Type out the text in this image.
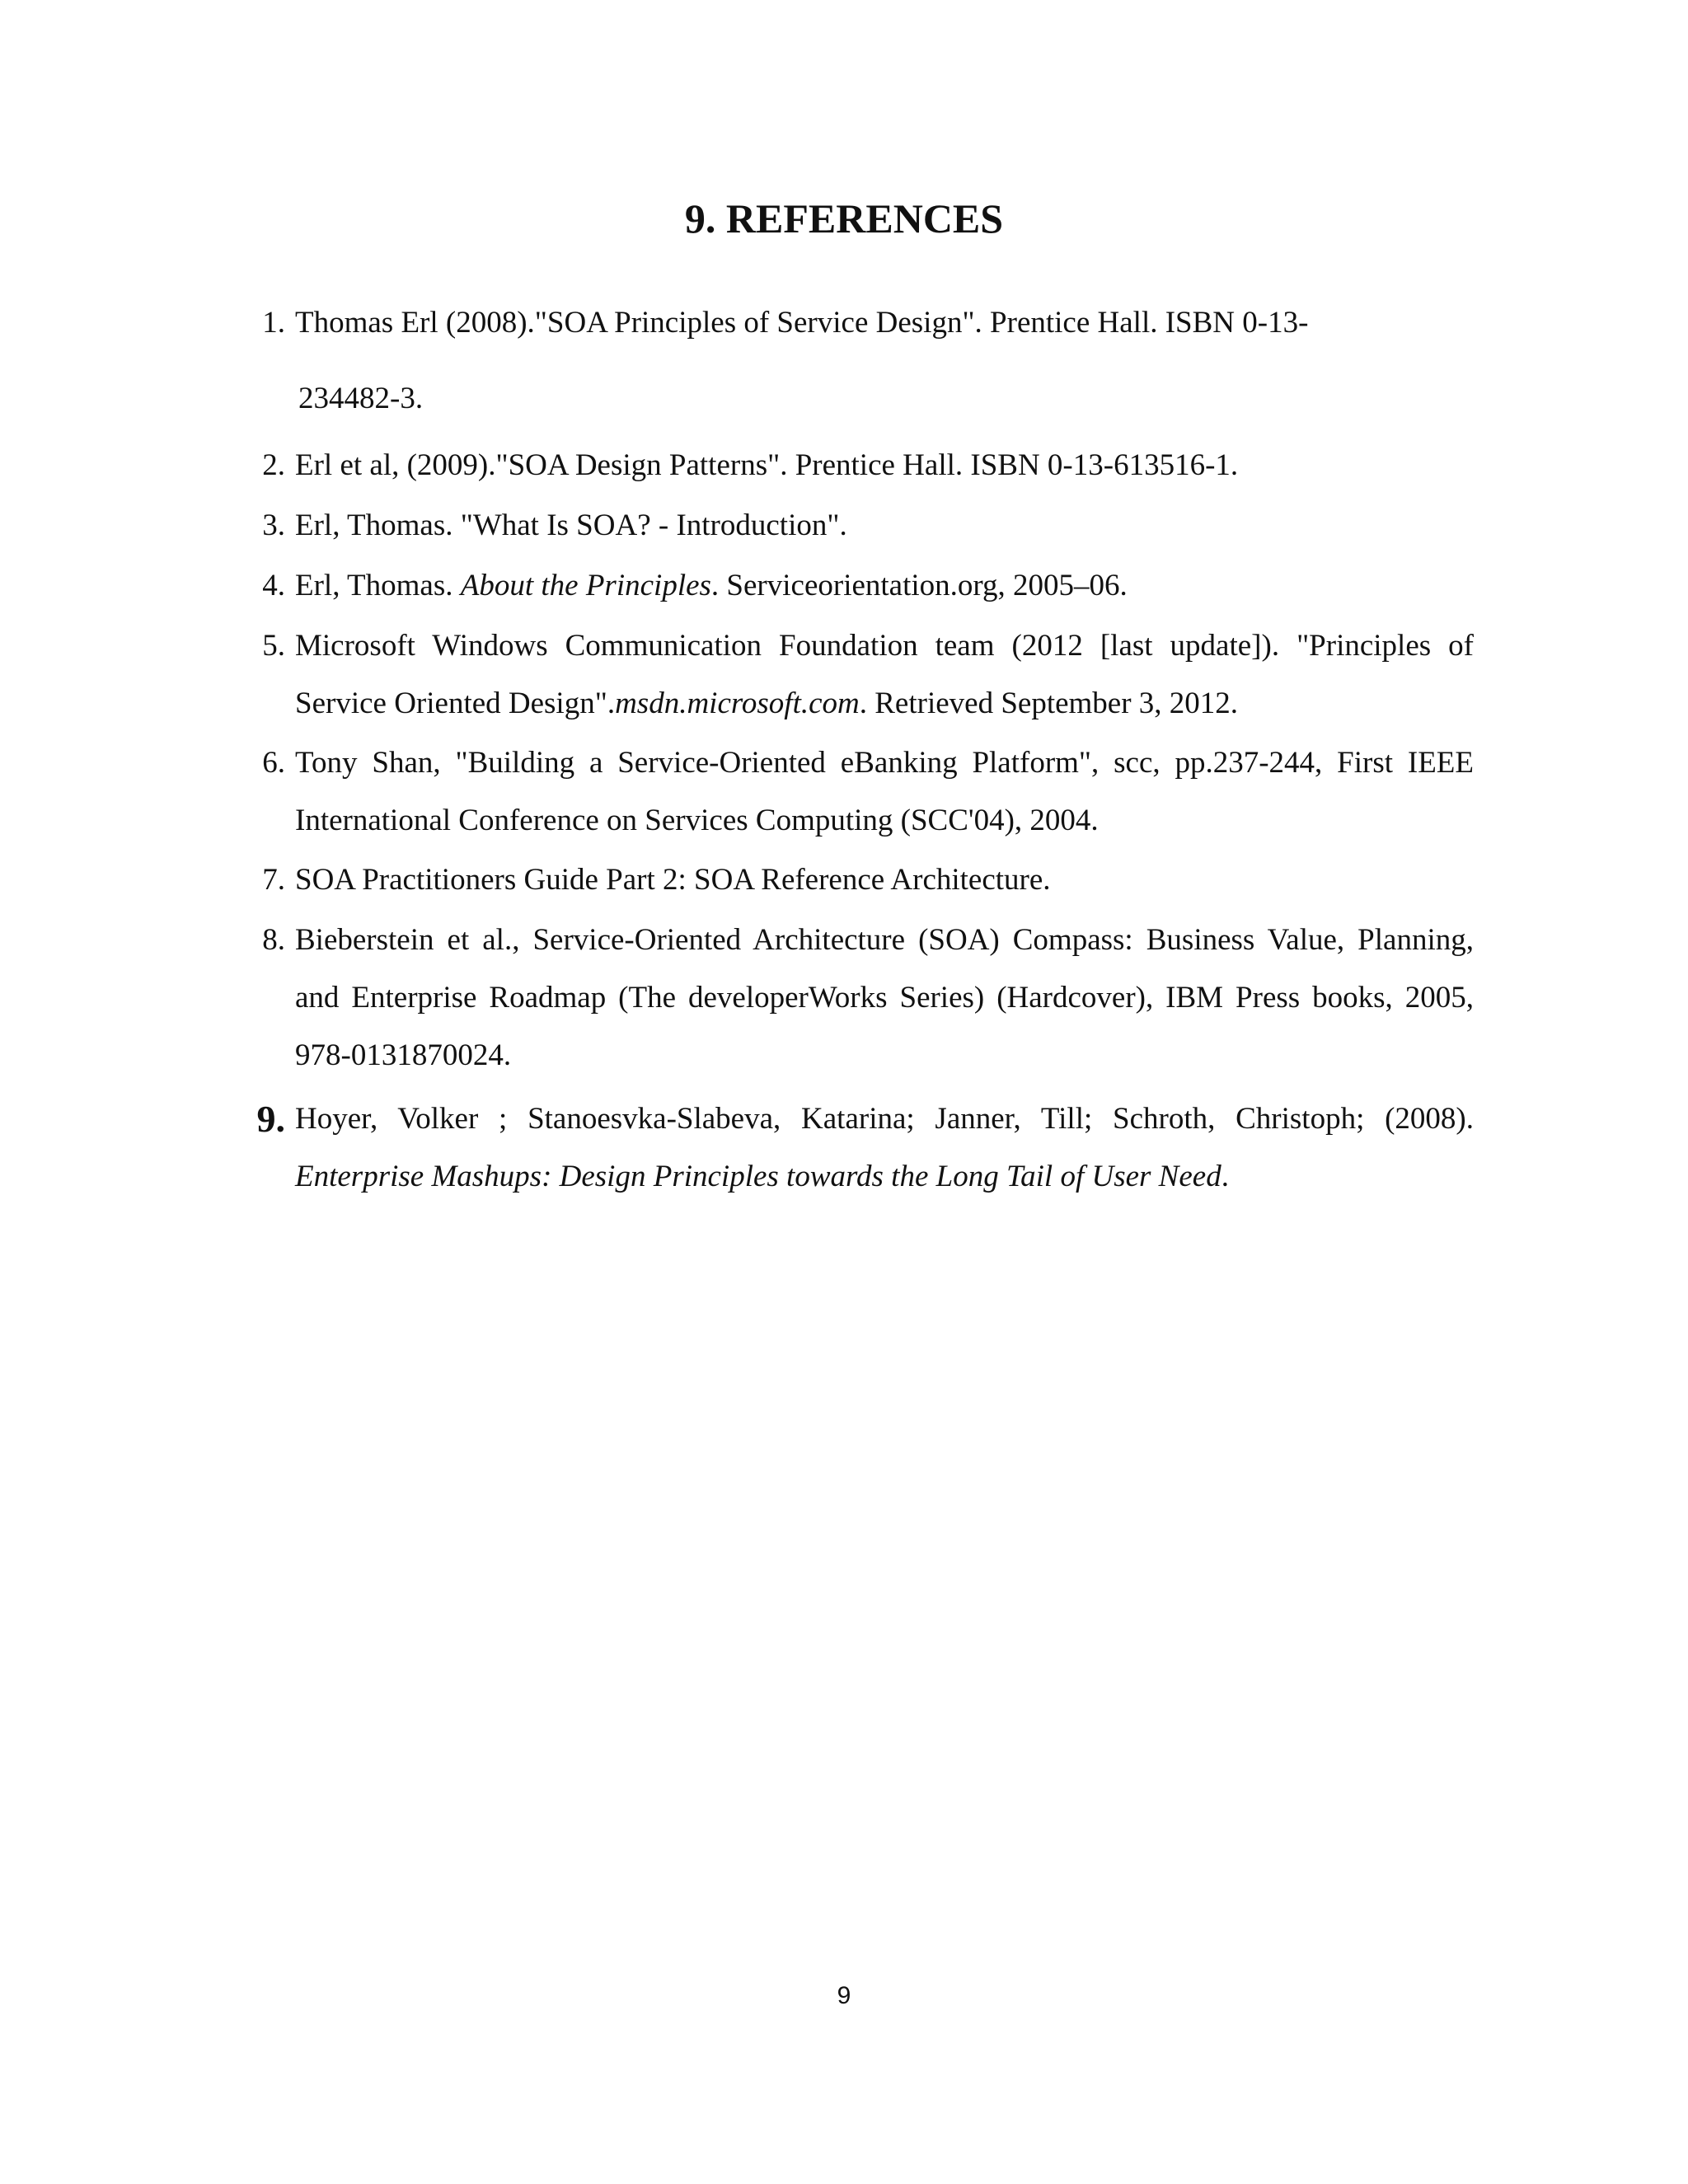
9. REFERENCES
1. Thomas Erl (2008)."SOA Principles of Service Design". Prentice Hall. ISBN 0-13-
234482-3.
2. Erl et al, (2009)."SOA Design Patterns". Prentice Hall. ISBN 0-13-613516-1.
3. Erl, Thomas. "What Is SOA? - Introduction".
4. Erl, Thomas. About the Principles. Serviceorientation.org, 2005–06.
5. Microsoft Windows Communication Foundation team (2012 [last update]). "Principles of Service Oriented Design".msdn.microsoft.com. Retrieved September 3, 2012.
6. Tony Shan, "Building a Service-Oriented eBanking Platform", scc, pp.237-244, First IEEE International Conference on Services Computing (SCC'04), 2004.
7. SOA Practitioners Guide Part 2: SOA Reference Architecture.
8. Bieberstein et al., Service-Oriented Architecture (SOA) Compass: Business Value, Planning, and Enterprise Roadmap (The developerWorks Series) (Hardcover), IBM Press books, 2005, 978-0131870024.
9. Hoyer, Volker ; Stanoesvka-Slabeva, Katarina; Janner, Till; Schroth, Christoph; (2008). Enterprise Mashups: Design Principles towards the Long Tail of User Need.
9
